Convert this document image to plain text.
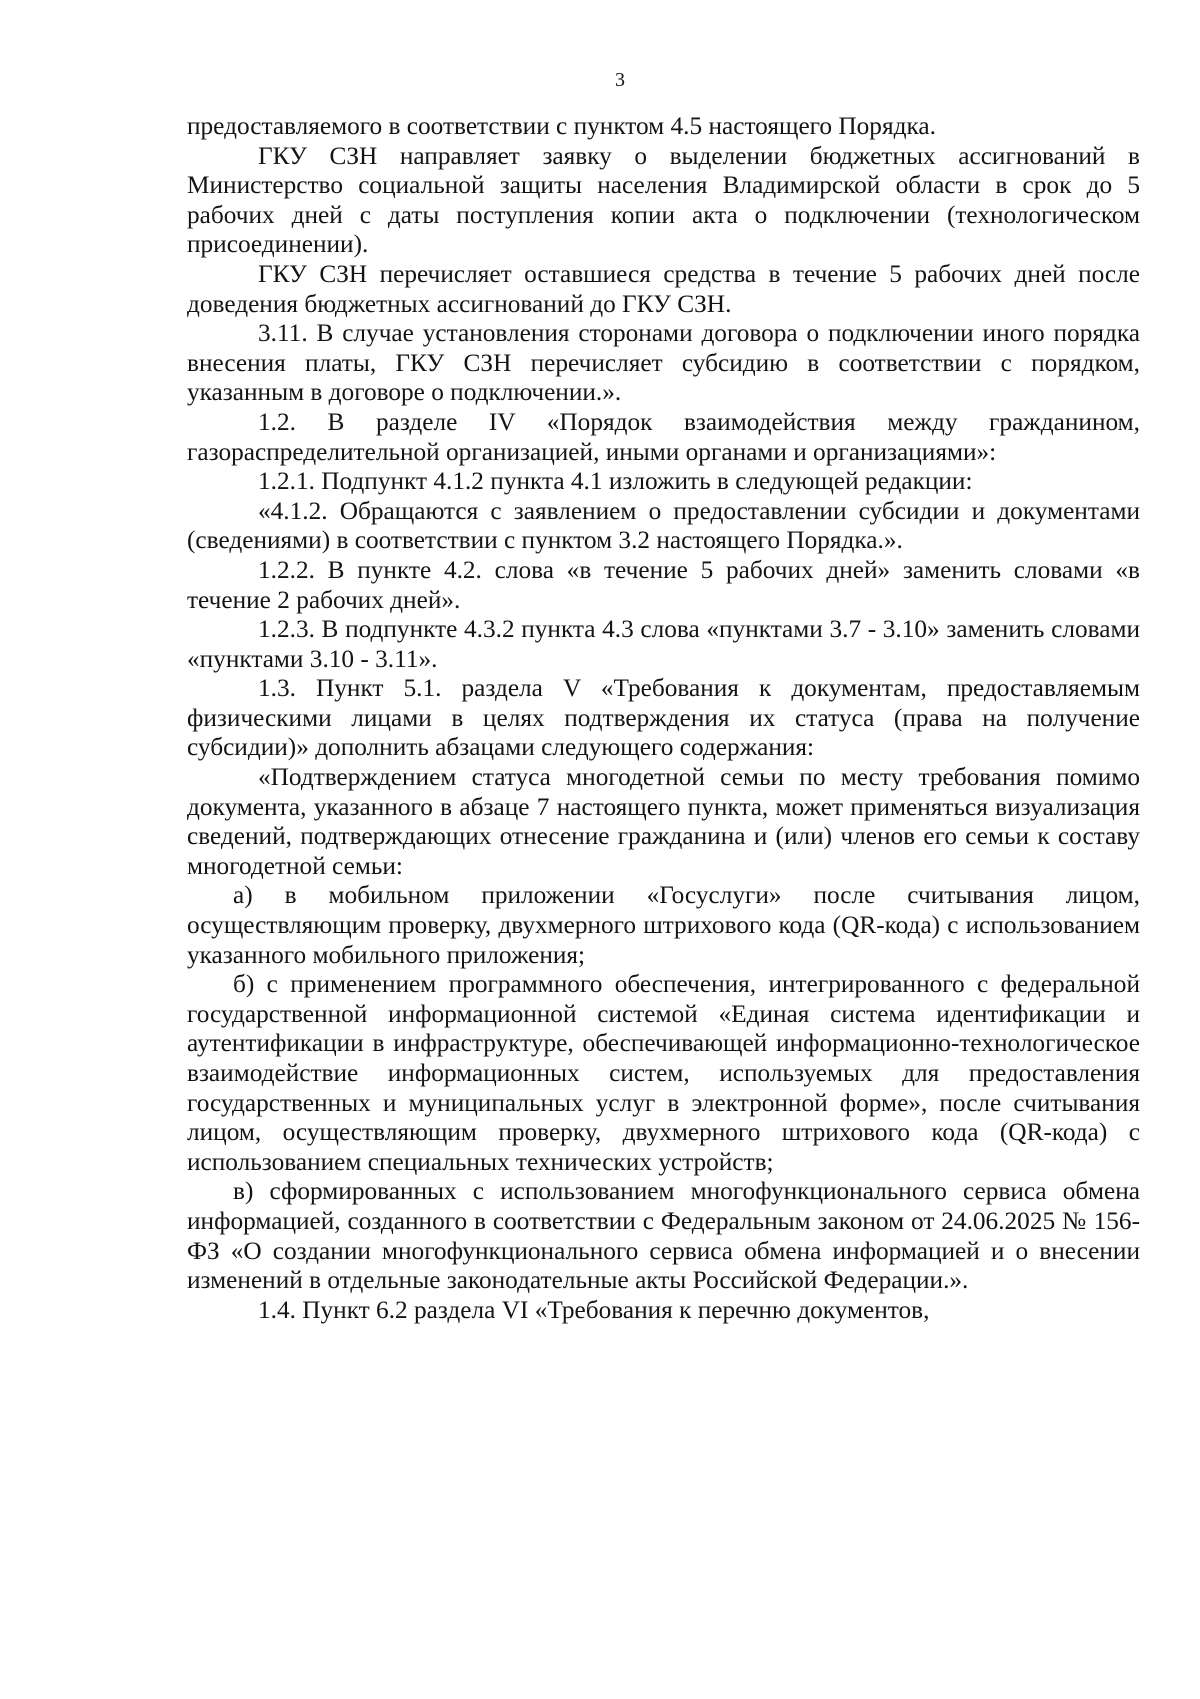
3

предоставляемого в соответствии с пунктом 4.5 настоящего Порядка.

ГКУ СЗН направляет заявку о выделении бюджетных ассигнований в Министерство социальной защиты населения Владимирской области в срок до 5 рабочих дней с даты поступления копии акта о подключении (технологическом присоединении).

ГКУ СЗН перечисляет оставшиеся средства в течение 5 рабочих дней после доведения бюджетных ассигнований до ГКУ СЗН.

3.11. В случае установления сторонами договора о подключении иного порядка внесения платы, ГКУ СЗН перечисляет субсидию в соответствии с порядком, указанным в договоре о подключении.».

1.2. В разделе IV «Порядок взаимодействия между гражданином, газораспределительной организацией, иными органами и организациями»:

1.2.1. Подпункт 4.1.2 пункта 4.1 изложить в следующей редакции:

«4.1.2. Обращаются с заявлением о предоставлении субсидии и документами (сведениями) в соответствии с пунктом 3.2 настоящего Порядка.».

1.2.2. В пункте 4.2. слова «в течение 5 рабочих дней» заменить словами «в течение 2 рабочих дней».

1.2.3. В подпункте 4.3.2 пункта 4.3 слова «пунктами 3.7 - 3.10» заменить словами «пунктами 3.10 - 3.11».

1.3. Пункт 5.1. раздела V «Требования к документам, предоставляемым физическими лицами в целях подтверждения их статуса (права на получение субсидии)» дополнить абзацами следующего содержания:

«Подтверждением статуса многодетной семьи по месту требования помимо документа, указанного в абзаце 7 настоящего пункта, может применяться визуализация сведений, подтверждающих отнесение гражданина и (или) членов его семьи к составу многодетной семьи:

а) в мобильном приложении «Госуслуги» после считывания лицом, осуществляющим проверку, двухмерного штрихового кода (QR-кода) с использованием указанного мобильного приложения;

б) с применением программного обеспечения, интегрированного с федеральной государственной информационной системой «Единая система идентификации и аутентификации в инфраструктуре, обеспечивающей информационно-технологическое взаимодействие информационных систем, используемых для предоставления государственных и муниципальных услуг в электронной форме», после считывания лицом, осуществляющим проверку, двухмерного штрихового кода (QR-кода) с использованием специальных технических устройств;

в) сформированных с использованием многофункционального сервиса обмена информацией, созданного в соответствии с Федеральным законом от 24.06.2025 № 156-ФЗ «О создании многофункционального сервиса обмена информацией и о внесении изменений в отдельные законодательные акты Российской Федерации.».

1.4. Пункт 6.2 раздела VI «Требования к перечню документов,
